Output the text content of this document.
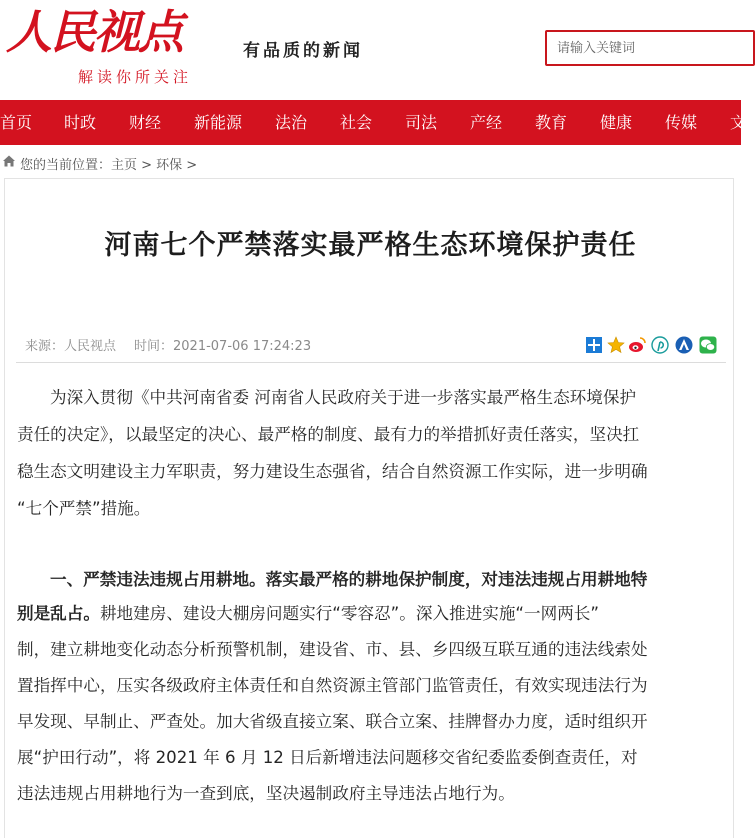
人民视点
解读你所关注
有品质的新闻
请输入关键词
首页 时政 财经 新能源 法治 社会 司法 产经 教育 健康 传媒 文
您的当前位置：主页 > 环保 >
河南七个严禁落实最严格生态环境保护责任
来源：人民视点 时间：2021-07-06 17:24:23
为深入贯彻《中共河南省委 河南省人民政府关于进一步落实最严格生态环境保护
责任的决定》，以最坚定的决心、最严格的制度、最有力的举措抓好责任落实，坚决扛
稳生态文明建设主力军职责，努力建设生态强省，结合自然资源工作实际，进一步明确
“七个严禁”措施。
一、严禁违法违规占用耕地。落实最严格的耕地保护制度，对违法违规占用耕地特
别是乱占。耕地建房、建设大棚房问题实行“零容忍”。深入推进实施“一网两长”
制，建立耕地变化动态分析预警机制，建设省、市、县、乡四级互联互通的违法线索处
置指挥中心，压实各级政府主体责任和自然资源主管部门监管责任，有效实现违法行为
早发现、早制止、严查处。加大省级直接立案、联合立案、挂牌督办力度，适时组织开
展“护田行动”，将 2021 年 6 月 12 日后新增违法问题移交省纪委监委倒查责任，对
违法违规占用耕地行为一查到底，坚决遏制政府主导违法占地行为。
